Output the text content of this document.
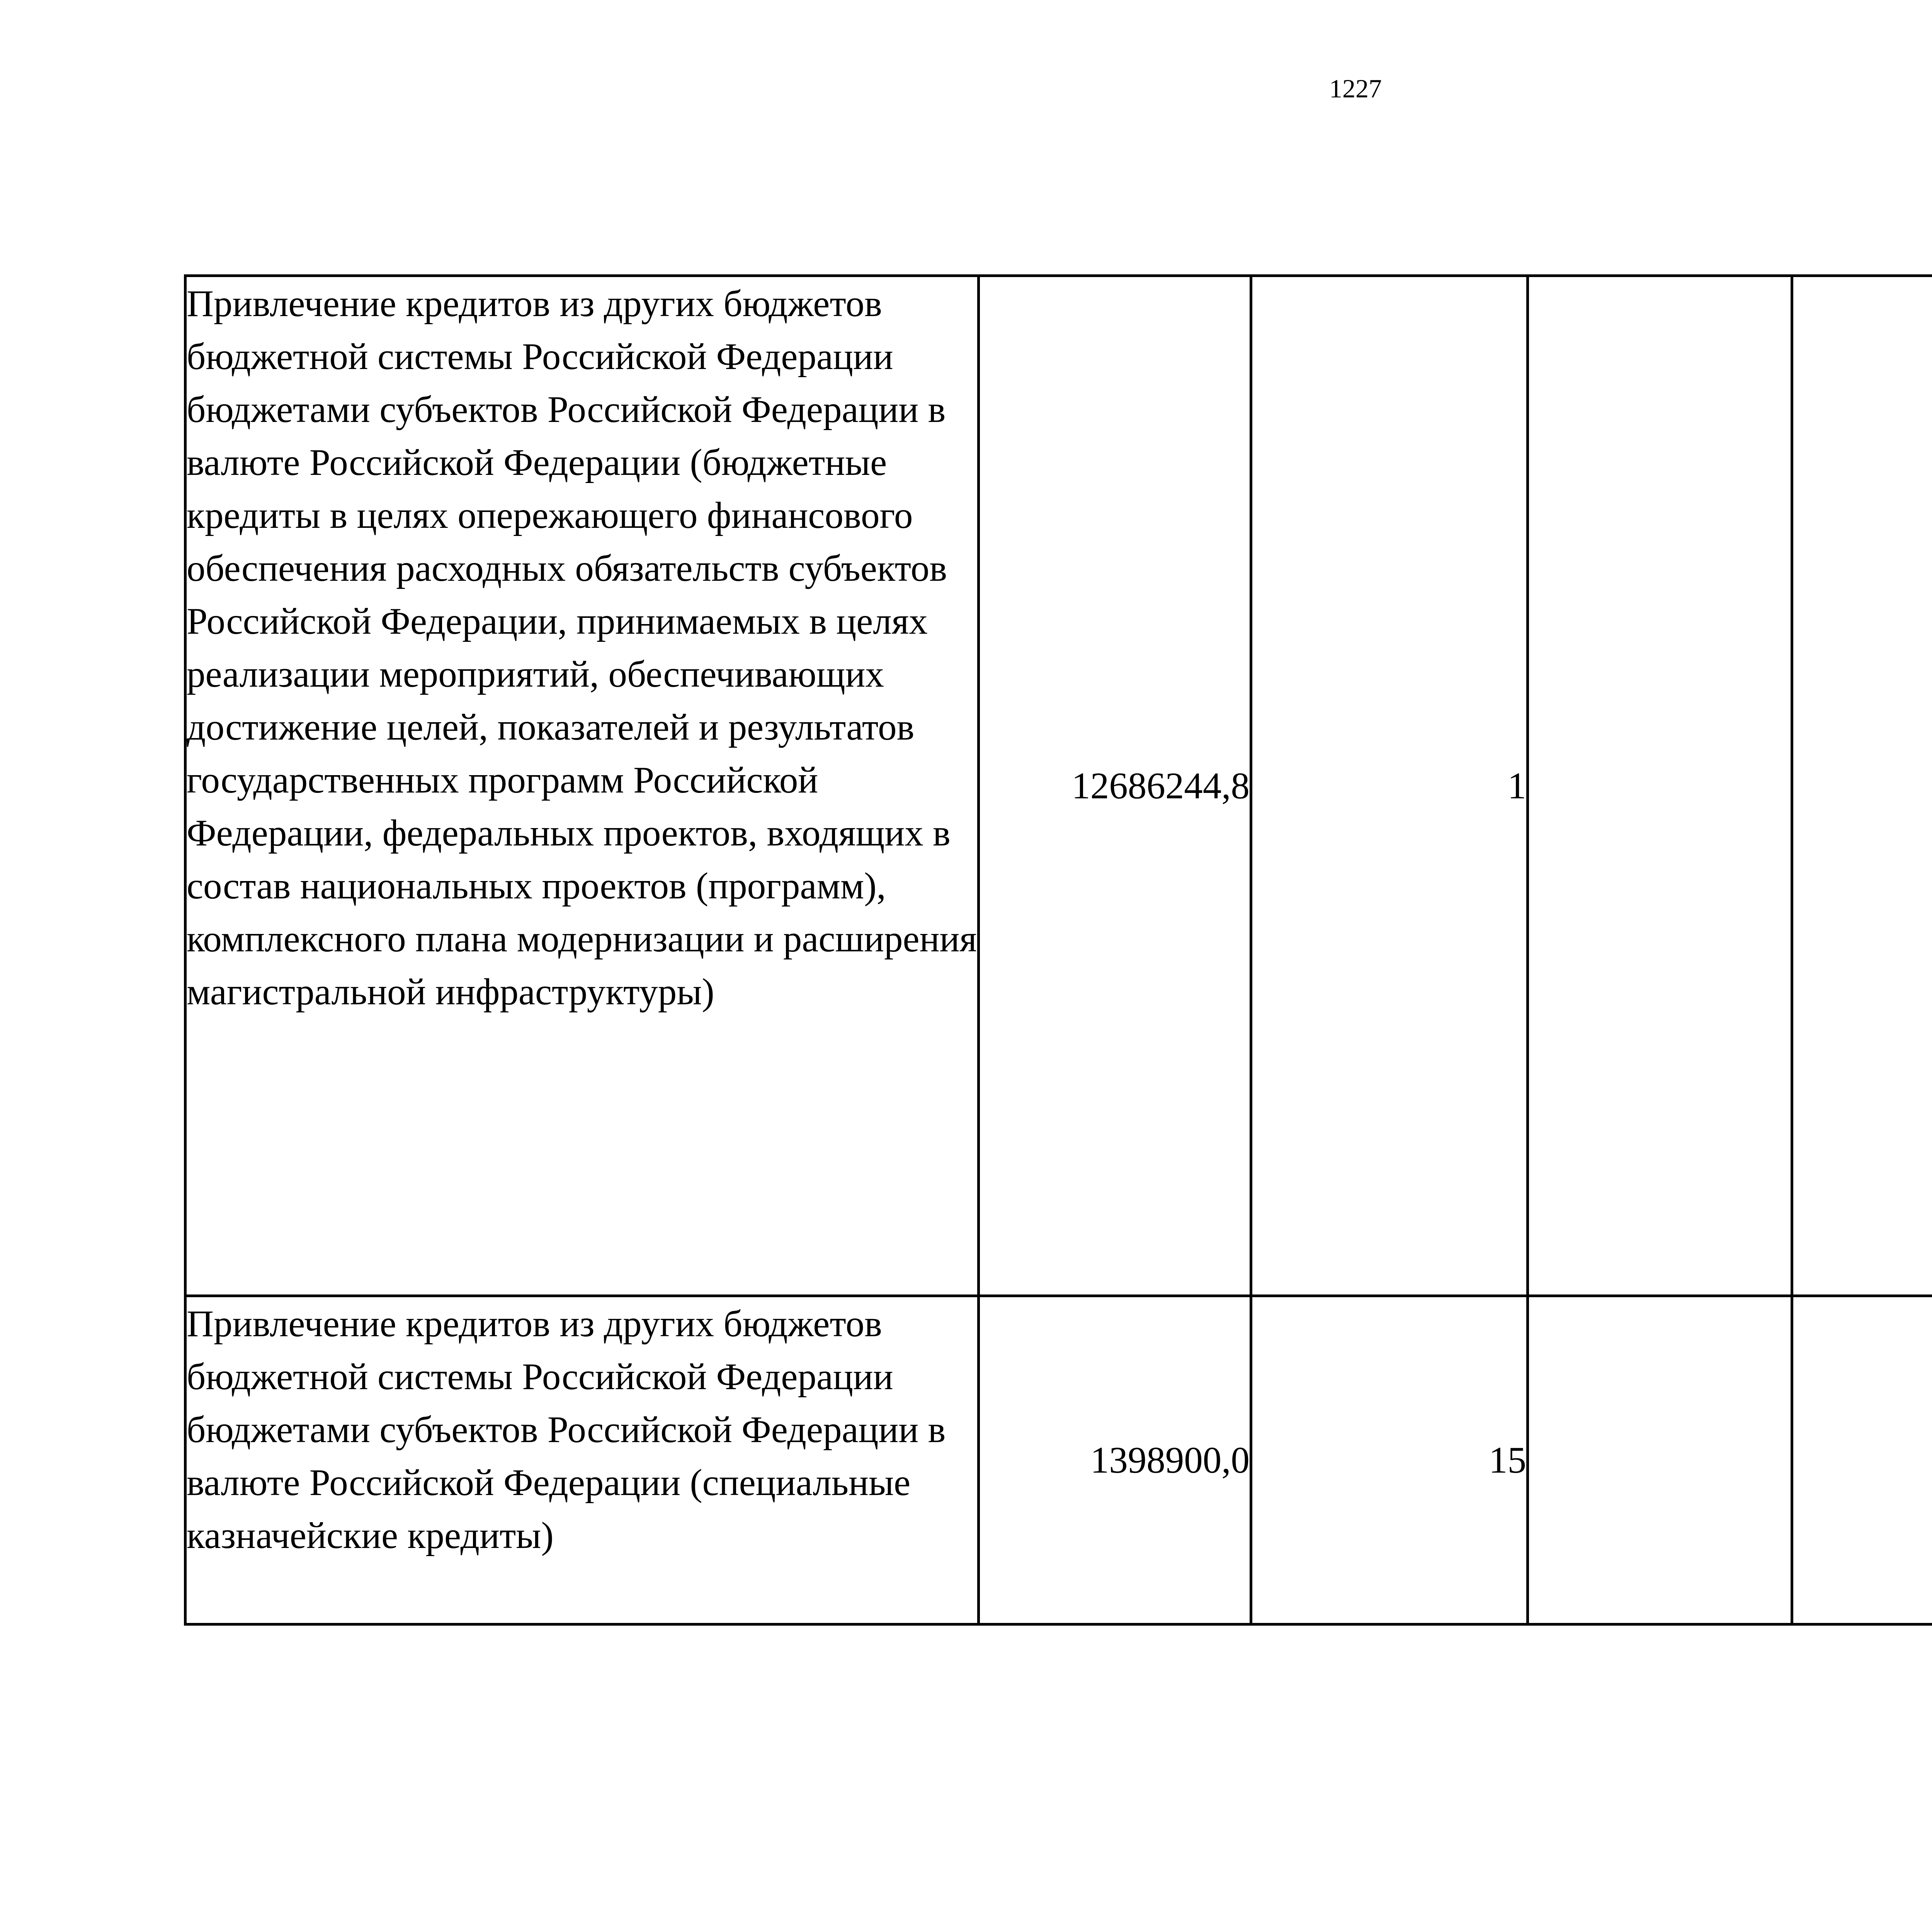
1227
Привлечение кредитов из других бюджетов бюджетной системы Российской Федерации бюджетами субъектов Российской Федерации в валюте Российской Федерации (бюджетные кредиты в целях опережающего финансового обеспечения расходных обязательств субъектов Российской Федерации, принимаемых в целях реализации мероприятий, обеспечивающих достижение целей, показателей и результатов государственных программ Российской Федерации, федеральных проектов, входящих в состав национальных проектов (программ), комплексного плана модернизации и расширения магистральной инфраструктуры)	12686244,8	1				
Привлечение кредитов из других бюджетов бюджетной системы Российской Федерации бюджетами субъектов Российской Федерации в валюте Российской Федерации (специальные казначейские кредиты)	1398900,0	15				
